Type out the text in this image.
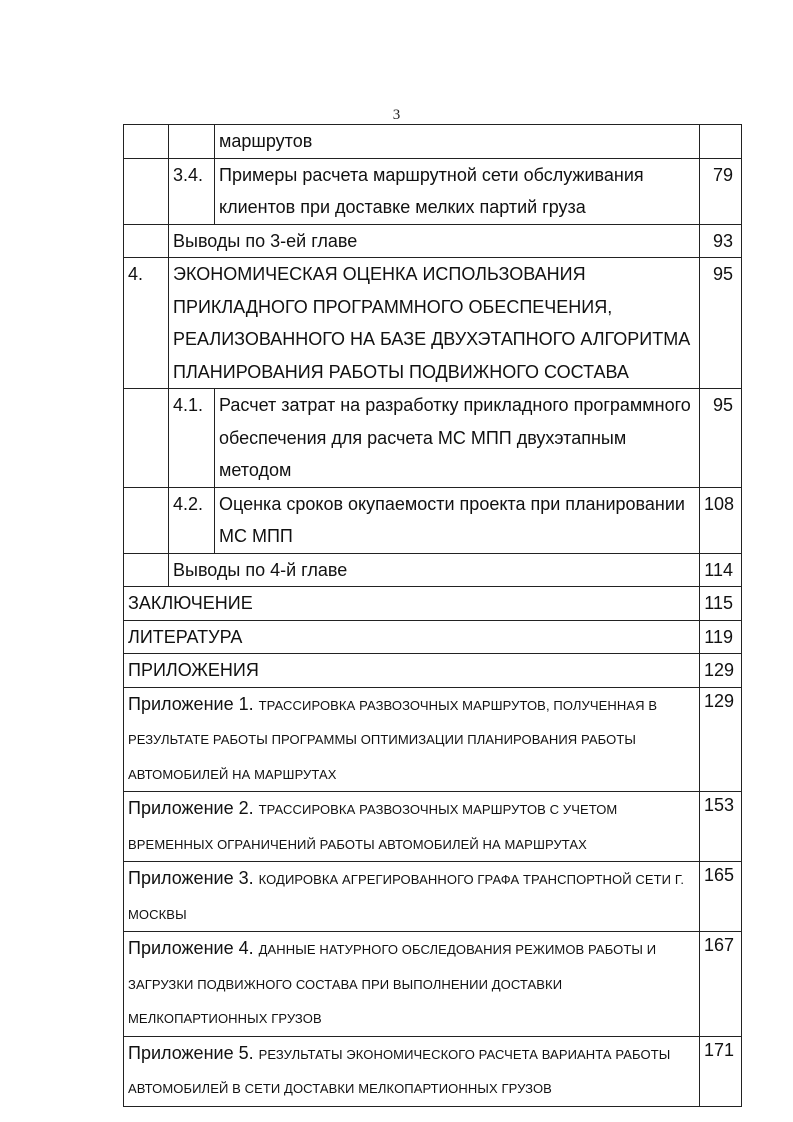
3
		маршрутов	
	3.4.	Примеры расчета маршрутной сети обслуживания клиентов при доставке мелких партий груза	79
	Выводы по 3-ей главе		93
4.	ЭКОНОМИЧЕСКАЯ ОЦЕНКА ИСПОЛЬЗОВАНИЯ ПРИКЛАДНОГО ПРОГРАММНОГО ОБЕСПЕЧЕНИЯ, РЕАЛИЗОВАННОГО НА БАЗЕ ДВУХЭТАПНОГО АЛГОРИТМА ПЛАНИРОВАНИЯ РАБОТЫ ПОДВИЖНОГО СОСТАВА		95
	4.1.	Расчет затрат на разработку прикладного программного обеспечения для расчета МС МПП двухэтапным методом	95
	4.2.	Оценка сроков окупаемости проекта при планировании МС МПП	108
	Выводы по 4-й главе		114
ЗАКЛЮЧЕНИЕ			115
ЛИТЕРАТУРА			119
ПРИЛОЖЕНИЯ			129
Приложение 1. ТРАССИРОВКА РАЗВОЗОЧНЫХ МАРШРУТОВ, ПОЛУЧЕННАЯ В РЕЗУЛЬТАТЕ РАБОТЫ ПРОГРАММЫ ОПТИМИЗАЦИИ ПЛАНИРОВАНИЯ РАБОТЫ АВТОМОБИЛЕЙ НА МАРШРУТАХ			129
Приложение 2. ТРАССИРОВКА РАЗВОЗОЧНЫХ МАРШРУТОВ С УЧЕТОМ ВРЕМЕННЫХ ОГРАНИЧЕНИЙ РАБОТЫ АВТОМОБИЛЕЙ НА МАРШРУТАХ			153
Приложение 3. КОДИРОВКА АГРЕГИРОВАННОГО ГРАФА ТРАНСПОРТНОЙ СЕТИ Г. МОСКВЫ			165
Приложение 4. ДАННЫЕ НАТУРНОГО ОБСЛЕДОВАНИЯ РЕЖИМОВ РАБОТЫ И ЗАГРУЗКИ ПОДВИЖНОГО СОСТАВА ПРИ ВЫПОЛНЕНИИ ДОСТАВКИ МЕЛКОПАРТИОННЫХ ГРУЗОВ			167
Приложение 5. РЕЗУЛЬТАТЫ ЭКОНОМИЧЕСКОГО РАСЧЕТА ВАРИАНТА РАБОТЫ АВТОМОБИЛЕЙ В СЕТИ ДОСТАВКИ МЕЛКОПАРТИОННЫХ ГРУЗОВ			171
